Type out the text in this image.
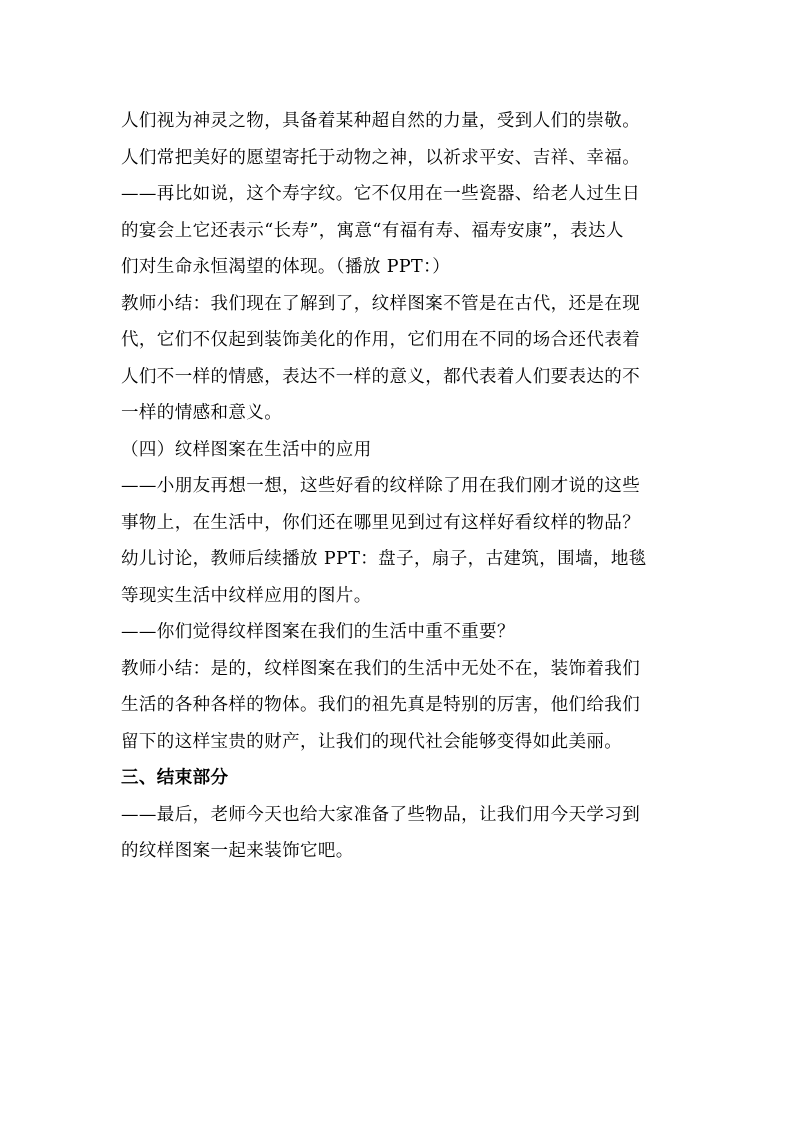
人们视为神灵之物，具备着某种超自然的力量，受到人们的崇敬。
人们常把美好的愿望寄托于动物之神，以祈求平安、吉祥、幸福。
——再比如说，这个寿字纹。它不仅用在一些瓷器、给老人过生日
的宴会上它还表示“长寿”，寓意“有福有寿、福寿安康”，表达人
们对生命永恒渴望的体现。（播放 PPT：）
教师小结：我们现在了解到了，纹样图案不管是在古代，还是在现
代，它们不仅起到装饰美化的作用，它们用在不同的场合还代表着
人们不一样的情感，表达不一样的意义，都代表着人们要表达的不
一样的情感和意义。
（四）纹样图案在生活中的应用
——小朋友再想一想，这些好看的纹样除了用在我们刚才说的这些
事物上，在生活中，你们还在哪里见到过有这样好看纹样的物品？
幼儿讨论，教师后续播放 PPT：盘子，扇子，古建筑，围墙，地毯
等现实生活中纹样应用的图片。
——你们觉得纹样图案在我们的生活中重不重要？
教师小结：是的，纹样图案在我们的生活中无处不在，装饰着我们
生活的各种各样的物体。我们的祖先真是特别的厉害，他们给我们
留下的这样宝贵的财产，让我们的现代社会能够变得如此美丽。
三、结束部分
——最后，老师今天也给大家准备了些物品，让我们用今天学习到
的纹样图案一起来装饰它吧。
